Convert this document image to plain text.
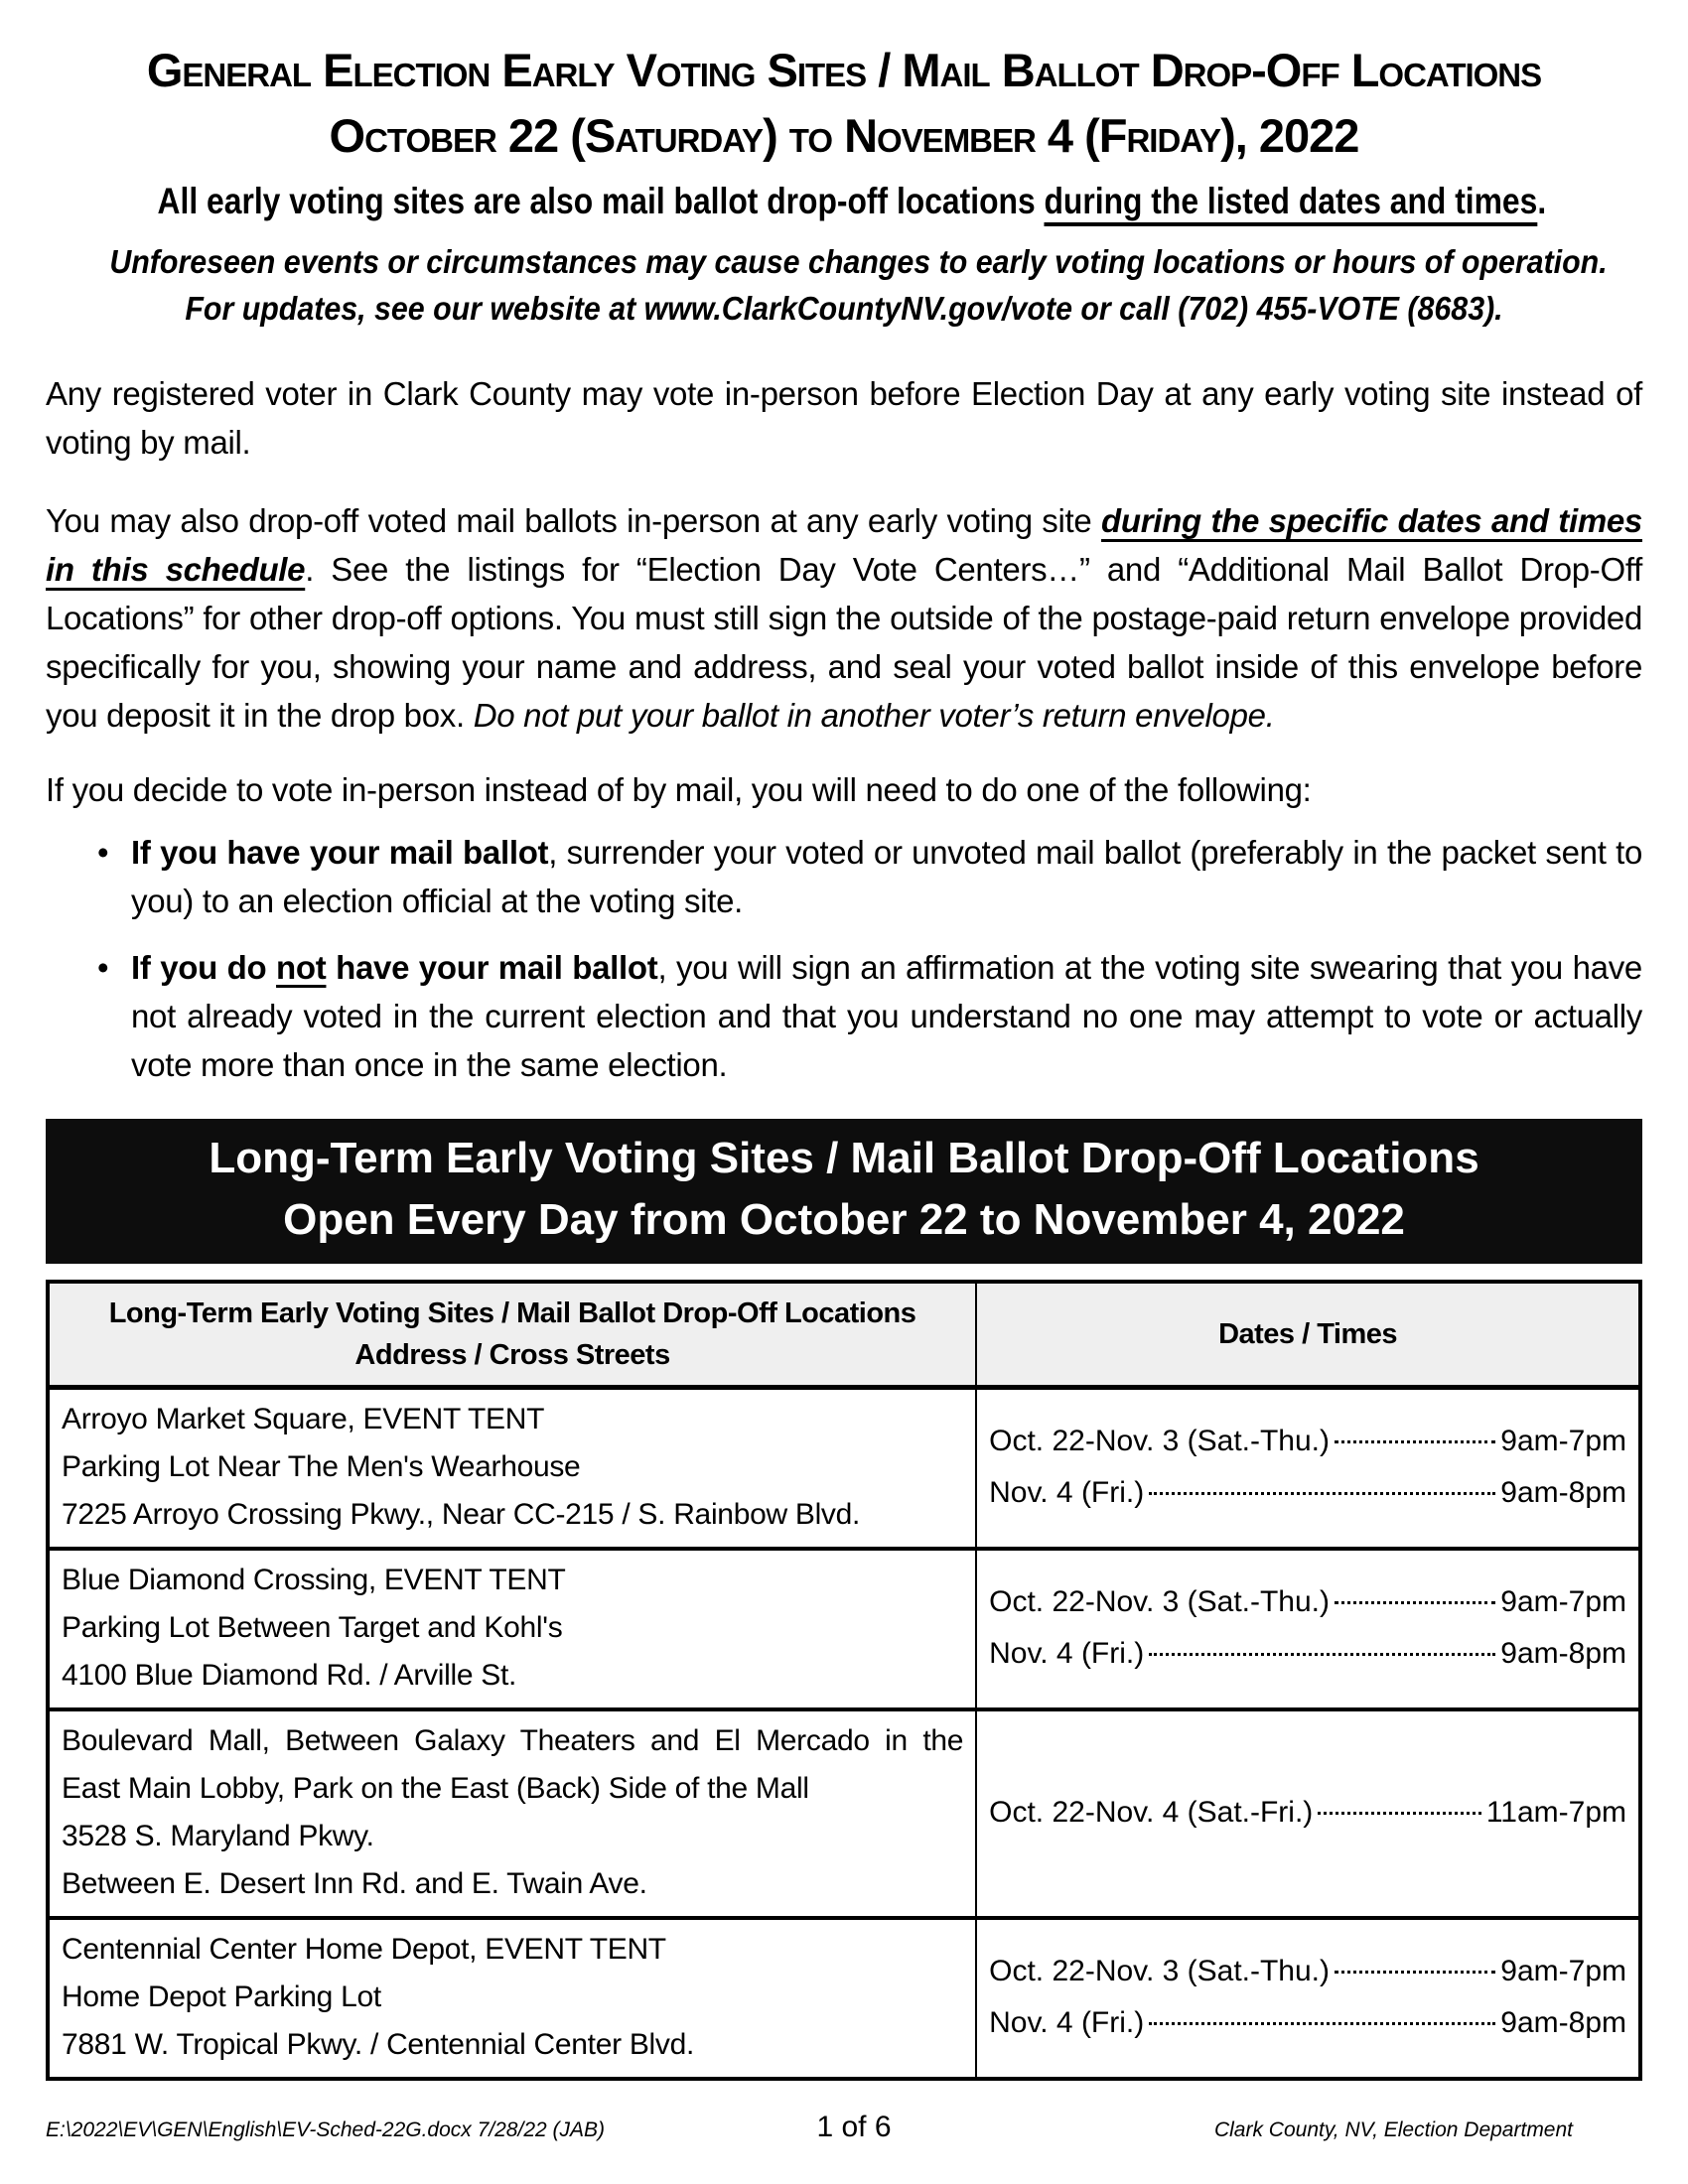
General Election Early Voting Sites / Mail Ballot Drop-Off Locations
October 22 (Saturday) to November 4 (Friday), 2022
All early voting sites are also mail ballot drop-off locations during the listed dates and times.
Unforeseen events or circumstances may cause changes to early voting locations or hours of operation.
For updates, see our website at www.ClarkCountyNV.gov/vote or call (702) 455-VOTE (8683).
Any registered voter in Clark County may vote in-person before Election Day at any early voting site instead of voting by mail.
You may also drop-off voted mail ballots in-person at any early voting site during the specific dates and times in this schedule. See the listings for “Election Day Vote Centers…” and “Additional Mail Ballot Drop-Off Locations” for other drop-off options. You must still sign the outside of the postage-paid return envelope provided specifically for you, showing your name and address, and seal your voted ballot inside of this envelope before you deposit it in the drop box. Do not put your ballot in another voter’s return envelope.
If you decide to vote in-person instead of by mail, you will need to do one of the following:
• If you have your mail ballot, surrender your voted or unvoted mail ballot (preferably in the packet sent to you) to an election official at the voting site.
• If you do not have your mail ballot, you will sign an affirmation at the voting site swearing that you have not already voted in the current election and that you understand no one may attempt to vote or actually vote more than once in the same election.
Long-Term Early Voting Sites / Mail Ballot Drop-Off Locations
Open Every Day from October 22 to November 4, 2022
Long-Term Early Voting Sites / Mail Ballot Drop-Off Locations
Address / Cross Streets	Dates / Times

Arroyo Market Square, EVENT TENT
Parking Lot Near The Men's Wearhouse
7225 Arroyo Crossing Pkwy., Near CC-215 / S. Rainbow Blvd.

Oct. 22-Nov. 3 (Sat.-Thu.)	9am-7pm
Nov. 4 (Fri.)	9am-8pm

Blue Diamond Crossing, EVENT TENT
Parking Lot Between Target and Kohl's
4100 Blue Diamond Rd. / Arville St.

Oct. 22-Nov. 3 (Sat.-Thu.)	9am-7pm
Nov. 4 (Fri.)	9am-8pm

Boulevard Mall, Between Galaxy Theaters and El Mercado in the East Main Lobby, Park on the East (Back) Side of the Mall
3528 S. Maryland Pkwy.
Between E. Desert Inn Rd. and E. Twain Ave.

Oct. 22-Nov. 4 (Sat.-Fri.)	11am-7pm

Centennial Center Home Depot, EVENT TENT
Home Depot Parking Lot
7881 W. Tropical Pkwy. / Centennial Center Blvd.

Oct. 22-Nov. 3 (Sat.-Thu.)	9am-7pm
Nov. 4 (Fri.)	9am-8pm
E:\2022\EV\GEN\English\EV-Sched-22G.docx 7/28/22 (JAB)	1 of 6	Clark County, NV, Election Department
